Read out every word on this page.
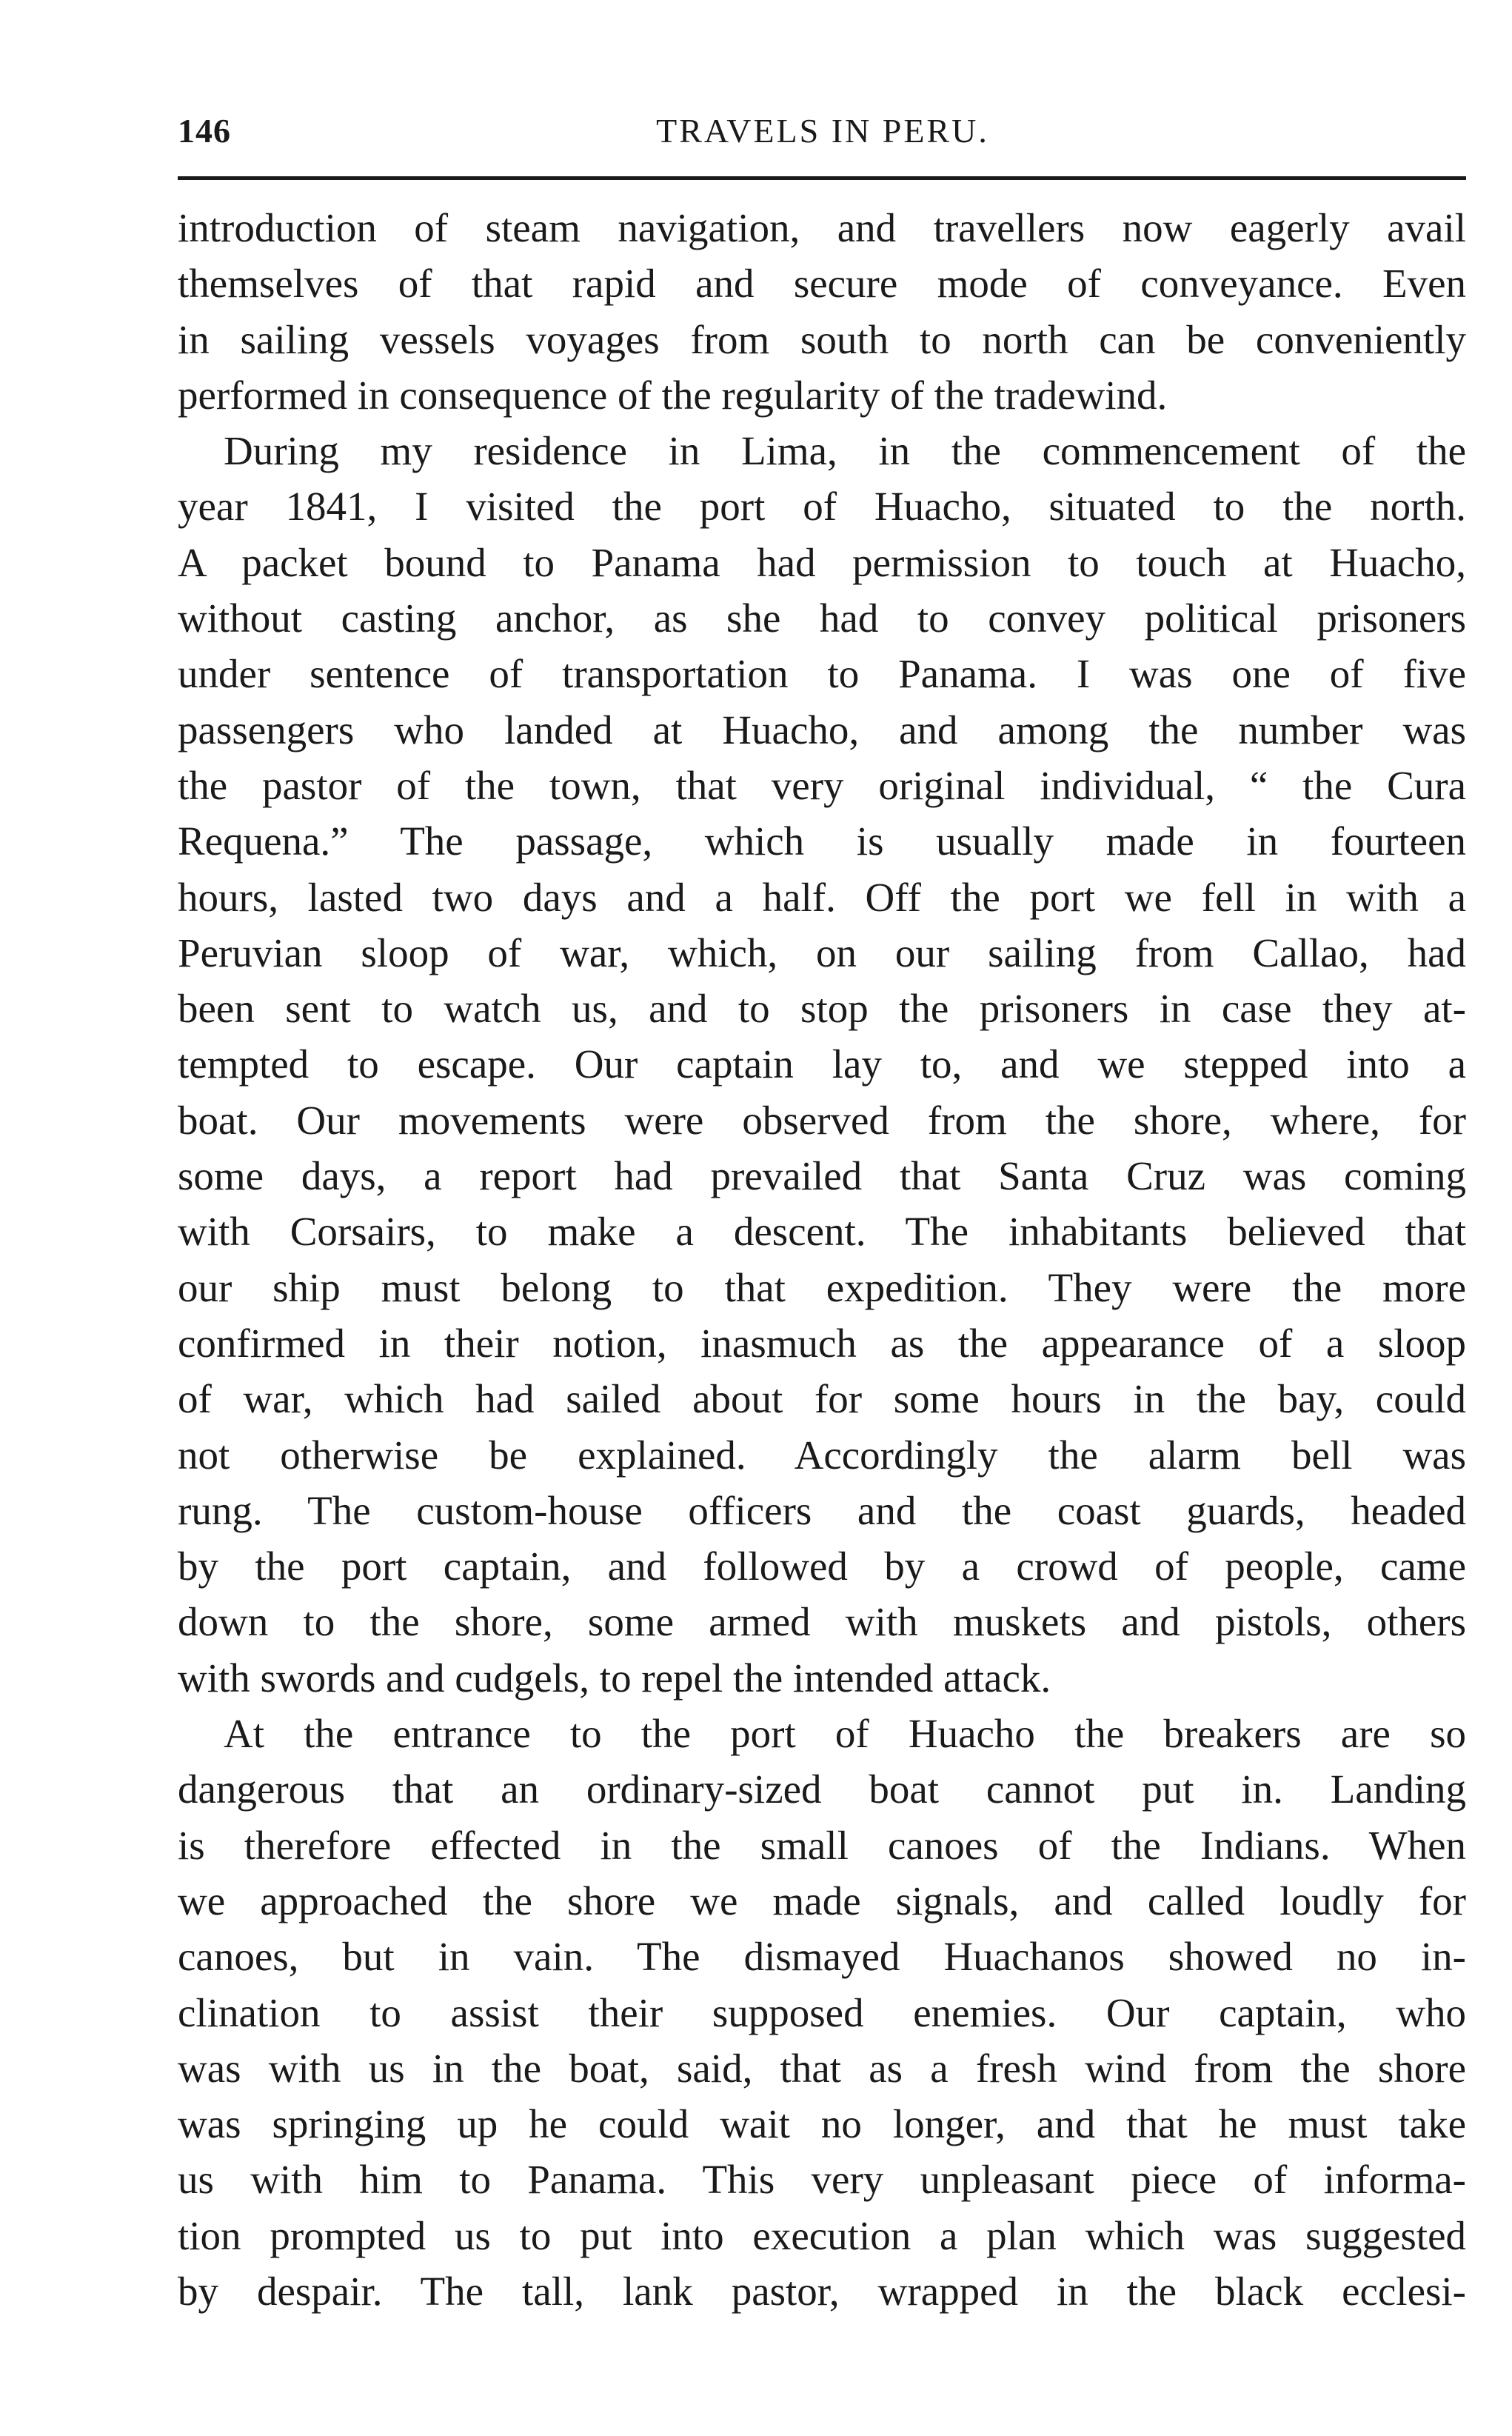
146	TRAVELS IN PERU.
introduction of steam navigation, and travellers now eagerly avail
themselves of that rapid and secure mode of conveyance. Even
in sailing vessels voyages from south to north can be conveniently
performed in consequence of the regularity of the tradewind.
During my residence in Lima, in the commencement of the
year 1841, I visited the port of Huacho, situated to the north.
A packet bound to Panama had permission to touch at Huacho,
without casting anchor, as she had to convey political prisoners
under sentence of transportation to Panama. I was one of five
passengers who landed at Huacho, and among the number was
the pastor of the town, that very original individual, “ the Cura
Requena.” The passage, which is usually made in fourteen
hours, lasted two days and a half. Off the port we fell in with a
Peruvian sloop of war, which, on our sailing from Callao, had
been sent to watch us, and to stop the prisoners in case they at-
tempted to escape. Our captain lay to, and we stepped into a
boat. Our movements were observed from the shore, where, for
some days, a report had prevailed that Santa Cruz was coming
with Corsairs, to make a descent. The inhabitants believed that
our ship must belong to that expedition. They were the more
confirmed in their notion, inasmuch as the appearance of a sloop
of war, which had sailed about for some hours in the bay, could
not otherwise be explained. Accordingly the alarm bell was
rung. The custom-house officers and the coast guards, headed
by the port captain, and followed by a crowd of people, came
down to the shore, some armed with muskets and pistols, others
with swords and cudgels, to repel the intended attack.
At the entrance to the port of Huacho the breakers are so
dangerous that an ordinary-sized boat cannot put in. Landing
is therefore effected in the small canoes of the Indians. When
we approached the shore we made signals, and called loudly for
canoes, but in vain. The dismayed Huachanos showed no in-
clination to assist their supposed enemies. Our captain, who
was with us in the boat, said, that as a fresh wind from the shore
was springing up he could wait no longer, and that he must take
us with him to Panama. This very unpleasant piece of informa-
tion prompted us to put into execution a plan which was suggested
by despair. The tall, lank pastor, wrapped in the black ecclesi-
